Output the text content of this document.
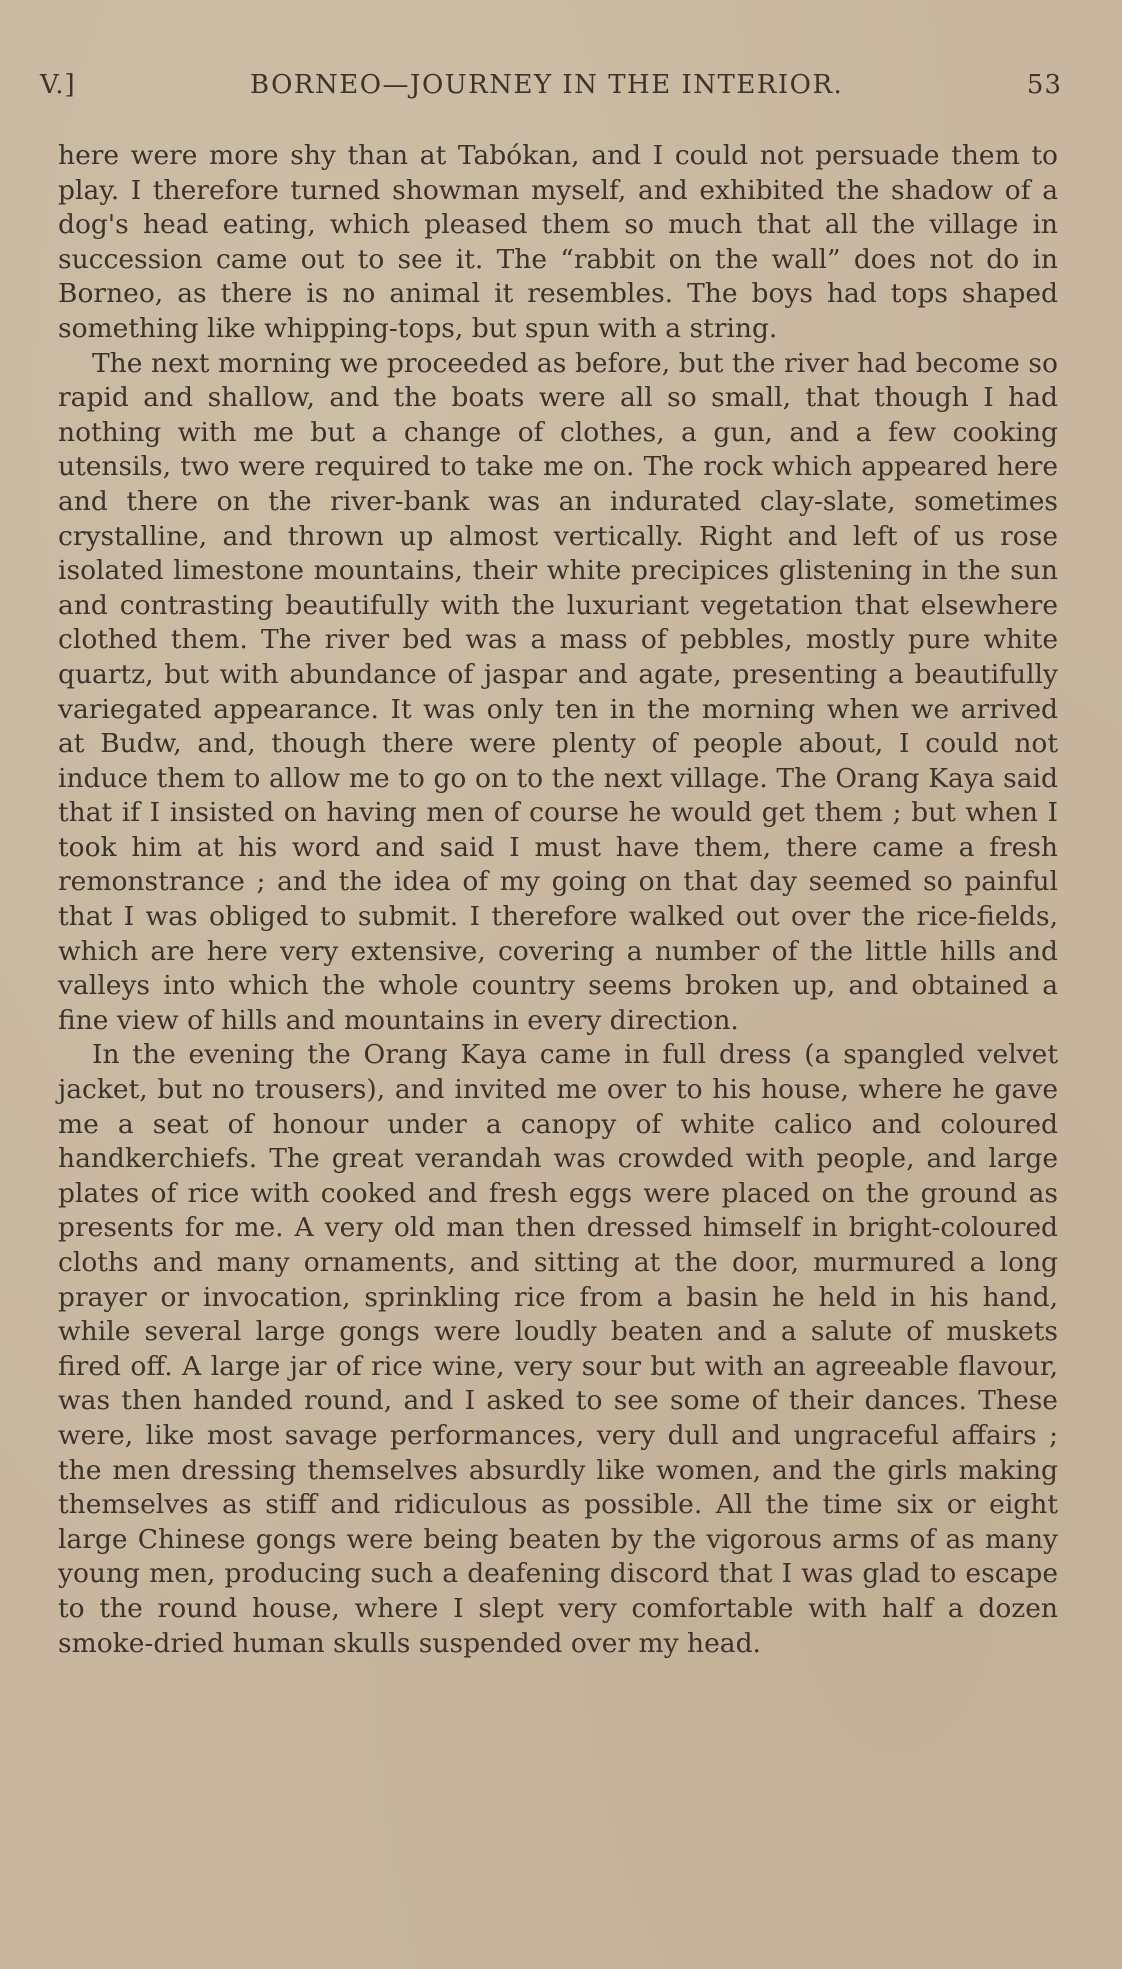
V.]	BORNEO—JOURNEY IN THE INTERIOR.	53

here were more shy than at Tabókan, and I could not persuade them to play. I therefore turned showman myself, and exhibited the shadow of a dog's head eating, which pleased them so much that all the village in succession came out to see it. The “rabbit on the wall” does not do in Borneo, as there is no animal it resembles. The boys had tops shaped something like whipping-tops, but spun with a string.

The next morning we proceeded as before, but the river had become so rapid and shallow, and the boats were all so small, that though I had nothing with me but a change of clothes, a gun, and a few cooking utensils, two were required to take me on. The rock which appeared here and there on the river-bank was an indurated clay-slate, sometimes crystalline, and thrown up almost vertically. Right and left of us rose isolated limestone mountains, their white precipices glistening in the sun and contrasting beautifully with the luxuriant vegetation that elsewhere clothed them. The river bed was a mass of pebbles, mostly pure white quartz, but with abundance of jaspar and agate, presenting a beautifully variegated appearance. It was only ten in the morning when we arrived at Budw, and, though there were plenty of people about, I could not induce them to allow me to go on to the next village. The Orang Kaya said that if I insisted on having men of course he would get them ; but when I took him at his word and said I must have them, there came a fresh remonstrance ; and the idea of my going on that day seemed so painful that I was obliged to submit. I therefore walked out over the rice-fields, which are here very extensive, covering a number of the little hills and valleys into which the whole country seems broken up, and obtained a fine view of hills and mountains in every direction.

In the evening the Orang Kaya came in full dress (a spangled velvet jacket, but no trousers), and invited me over to his house, where he gave me a seat of honour under a canopy of white calico and coloured handkerchiefs. The great verandah was crowded with people, and large plates of rice with cooked and fresh eggs were placed on the ground as presents for me. A very old man then dressed himself in bright-coloured cloths and many ornaments, and sitting at the door, murmured a long prayer or invocation, sprinkling rice from a basin he held in his hand, while several large gongs were loudly beaten and a salute of muskets fired off. A large jar of rice wine, very sour but with an agreeable flavour, was then handed round, and I asked to see some of their dances. These were, like most savage performances, very dull and ungraceful affairs ; the men dressing themselves absurdly like women, and the girls making themselves as stiff and ridiculous as possible. All the time six or eight large Chinese gongs were being beaten by the vigorous arms of as many young men, producing such a deafening discord that I was glad to escape to the round house, where I slept very comfortable with half a dozen smoke-dried human skulls suspended over my head.
